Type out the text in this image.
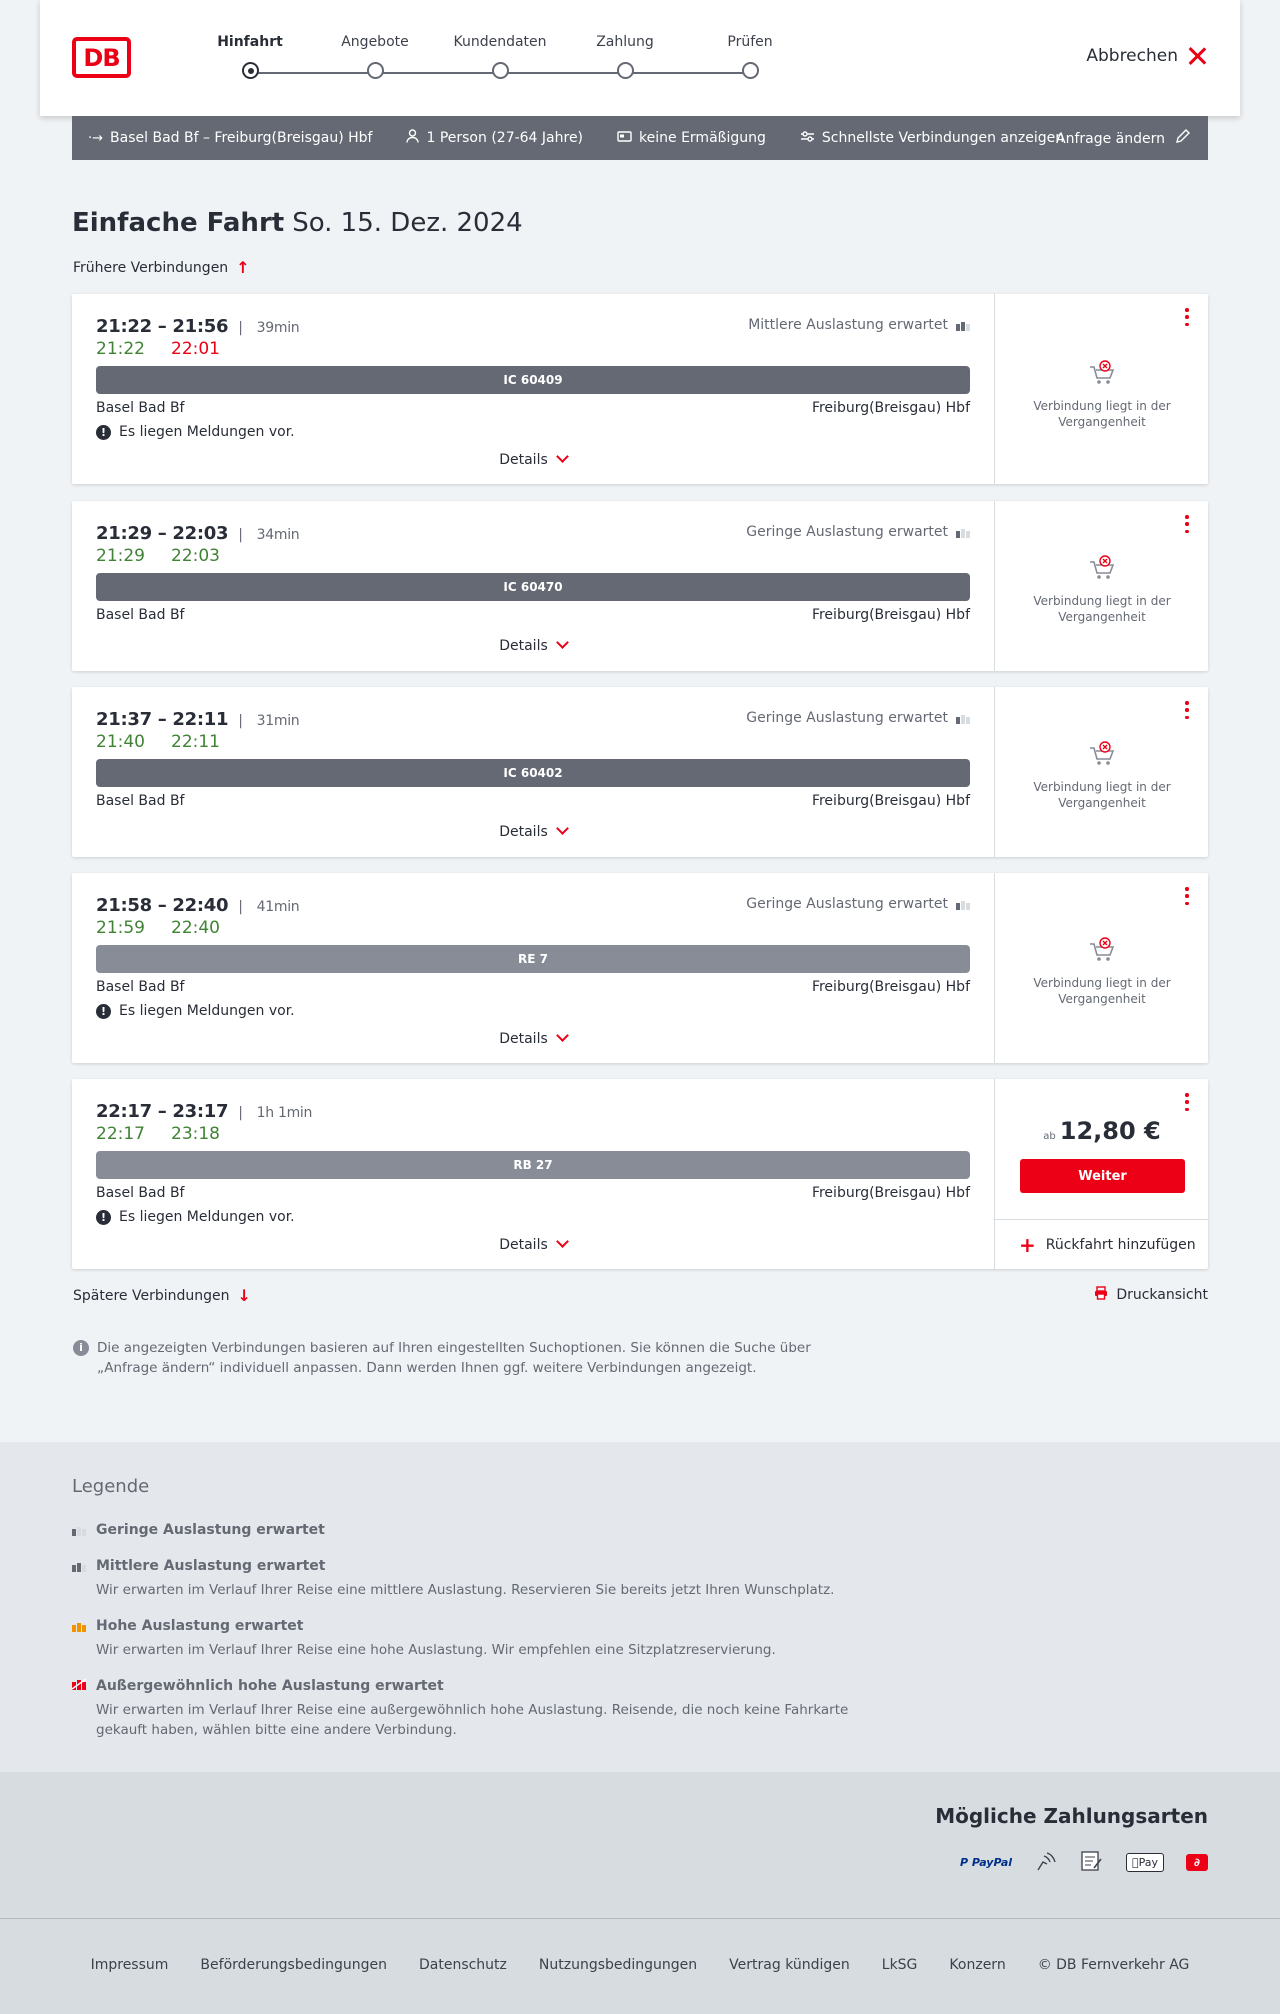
DB
Hinfahrt	Angebote	Kundendaten	Zahlung	Prüfen
Abbrechen
·→ Basel Bad Bf – Freiburg(Breisgau) Hbf	1 Person (27-64 Jahre)	keine Ermäßigung	Schnellste Verbindungen anzeigen
Anfrage ändern
Einfache Fahrt So. 15. Dez. 2024
Frühere Verbindungen ↑
21:22 – 21:56 | 39min
21:22 22:01
Mittlere Auslastung erwartet
IC 60409
Basel Bad Bf	Freiburg(Breisgau) Hbf
! Es liegen Meldungen vor.
Details
Verbindung liegt in der Vergangenheit
21:29 – 22:03 | 34min
21:29 22:03
Geringe Auslastung erwartet
IC 60470
Basel Bad Bf	Freiburg(Breisgau) Hbf
Details
Verbindung liegt in der Vergangenheit
21:37 – 22:11 | 31min
21:40 22:11
Geringe Auslastung erwartet
IC 60402
Basel Bad Bf	Freiburg(Breisgau) Hbf
Details
Verbindung liegt in der Vergangenheit
21:58 – 22:40 | 41min
21:59 22:40
Geringe Auslastung erwartet
RE 7
Basel Bad Bf	Freiburg(Breisgau) Hbf
! Es liegen Meldungen vor.
Details
Verbindung liegt in der Vergangenheit
22:17 – 23:17 | 1h 1min
22:17 23:18
RB 27
Basel Bad Bf	Freiburg(Breisgau) Hbf
! Es liegen Meldungen vor.
Details
ab 12,80 €
Weiter
+ Rückfahrt hinzufügen
Spätere Verbindungen ↓	Druckansicht
i	Die angezeigten Verbindungen basieren auf Ihren eingestellten Suchoptionen. Sie können die Suche über „Anfrage ändern“ individuell anpassen. Dann werden Ihnen ggf. weitere Verbindungen angezeigt.
Legende
Geringe Auslastung erwartet
Mittlere Auslastung erwartet
Wir erwarten im Verlauf Ihrer Reise eine mittlere Auslastung. Reservieren Sie bereits jetzt Ihren Wunschplatz.
Hohe Auslastung erwartet
Wir erwarten im Verlauf Ihrer Reise eine hohe Auslastung. Wir empfehlen eine Sitzplatzreservierung.
Außergewöhnlich hohe Auslastung erwartet
Wir erwarten im Verlauf Ihrer Reise eine außergewöhnlich hohe Auslastung. Reisende, die noch keine Fahrkarte gekauft haben, wählen bitte eine andere Verbindung.
Mögliche Zahlungsarten
P PayPal	Pay	∂
Impressum Beförderungsbedingungen Datenschutz Nutzungsbedingungen Vertrag kündigen LkSG Konzern © DB Fernverkehr AG
